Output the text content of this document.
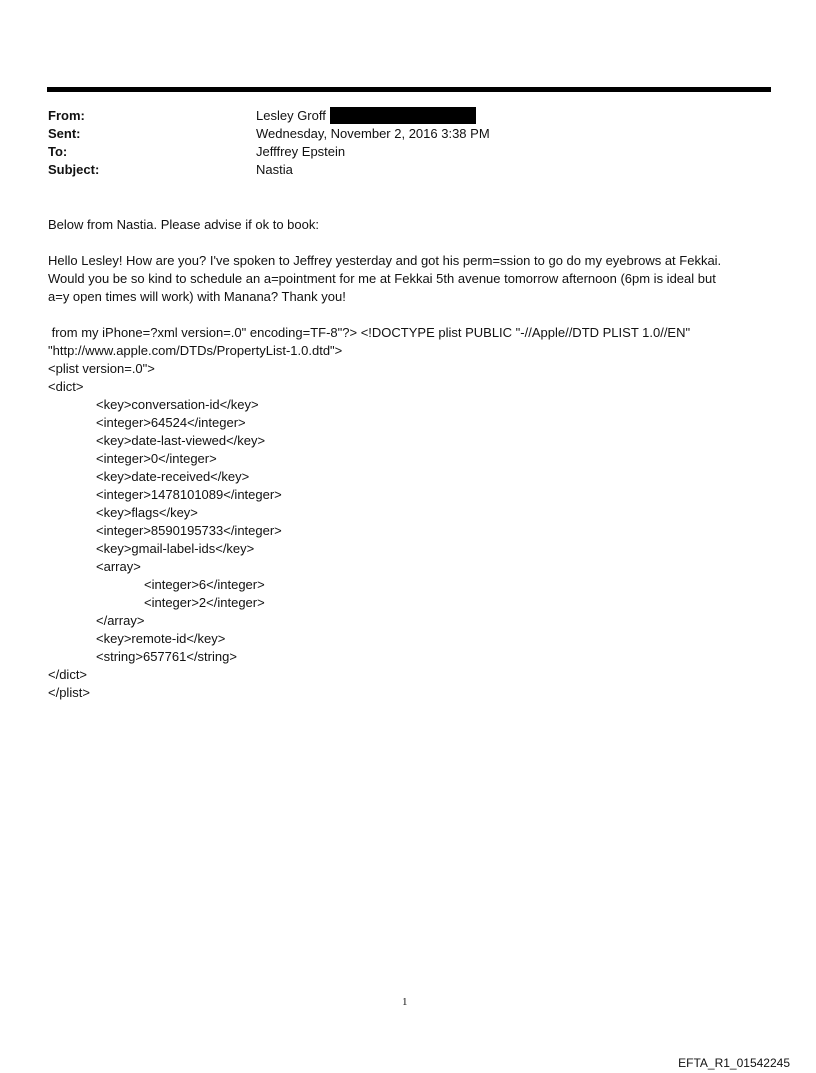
From:	Lesley Groff
Sent:	Wednesday, November 2, 2016 3:38 PM
To:	Jefffrey Epstein
Subject:	Nastia

Below from Nastia. Please advise if ok to book:

Hello Lesley! How are you? I've spoken to Jeffrey yesterday and got his perm=ssion to go do my eyebrows at Fekkai.
Would you be so kind to schedule an a=pointment for me at Fekkai 5th avenue tomorrow afternoon (6pm is ideal but
a=y open times will work) with Manana? Thank you!
from my iPhone=?xml version=.0" encoding=TF-8"?> <!DOCTYPE plist PUBLIC "-//Apple//DTD PLIST 1.0//EN"
"http://www.apple.com/DTDs/PropertyList-1.0.dtd">
<plist version=.0">
<dict>
<key>conversation-id</key>
<integer>64524</integer>
<key>date-last-viewed</key>
<integer>0</integer>
<key>date-received</key>
<integer>1478101089</integer>
<key>flags</key>
<integer>8590195733</integer>
<key>gmail-label-ids</key>
<array>
<integer>6</integer>
<integer>2</integer>
</array>
<key>remote-id</key>
<string>657761</string>
</dict>
</plist>
1
EFTA_R1_01542245
